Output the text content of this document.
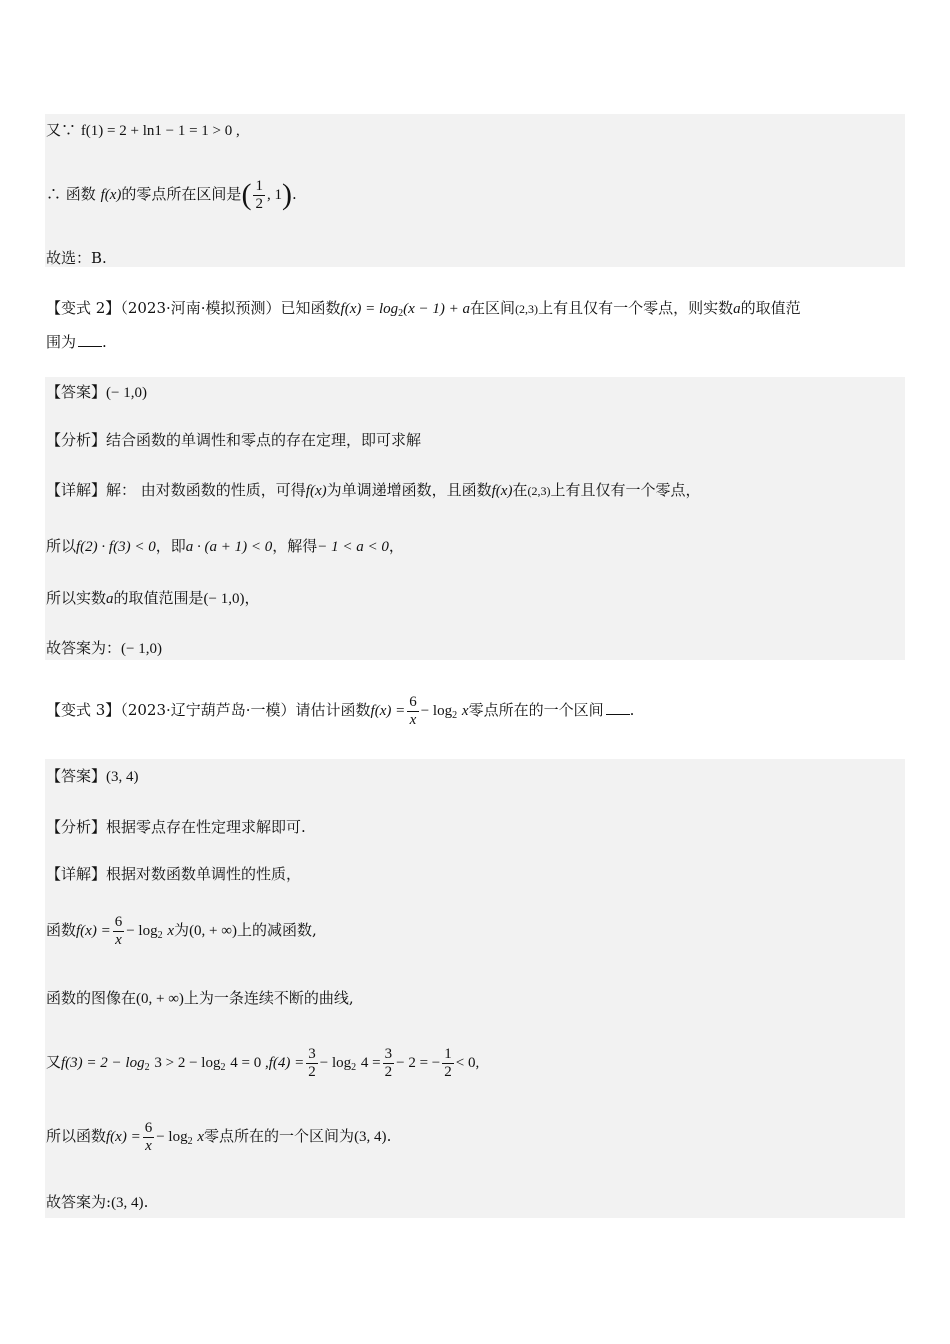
又∵ f(1) = 2 + ln1 − 1 = 1 > 0 ,
∴ 函数 f(x)的零点所在区间是( $\frac{1}{2}$ , 1).
故选：B.
【变式 2】（2023·河南·模拟预测）已知函数$f(x) = \log_2(x - 1) + a$在区间(2,3)上有且仅有一个零点，则实数a的取值范
围为 .
【答案】(− 1,0)
【分析】结合函数的单调性和零点的存在定理，即可求解
【详解】解： 由对数函数的性质，可得f(x)为单调递增函数，且函数f(x)在(2,3)上有且仅有一个零点，
所以f(2) · f(3) < 0，即a · (a + 1) < 0，解得− 1 < a < 0，
所以实数a的取值范围是(− 1,0)，
故答案为：(− 1,0)
【变式 3】（2023·辽宁葫芦岛·一模）请估计函数$f(x) = \frac{6}{x} - \log_2 x$零点所在的一个区间 .
【答案】(3, 4)
【分析】根据零点存在性定理求解即可.
【详解】根据对数函数单调性的性质，
函数$f(x) = \frac{6}{x} - \log_2 x$为(0, + ∞)上的减函数,
函数的图像在(0, + ∞)上为一条连续不断的曲线,
又$f(3) = 2 - \log_2 3 > 2 - \log_2 4 = 0$ $,f(4) = \frac{3}{2} - \log_2 4 = \frac{3}{2} - 2$ = − $\frac{1}{2} < 0$,
所以函数$f(x) = \frac{6}{x} - \log_2 x$零点所在的一个区间为(3, 4).
故答案为:(3, 4).
